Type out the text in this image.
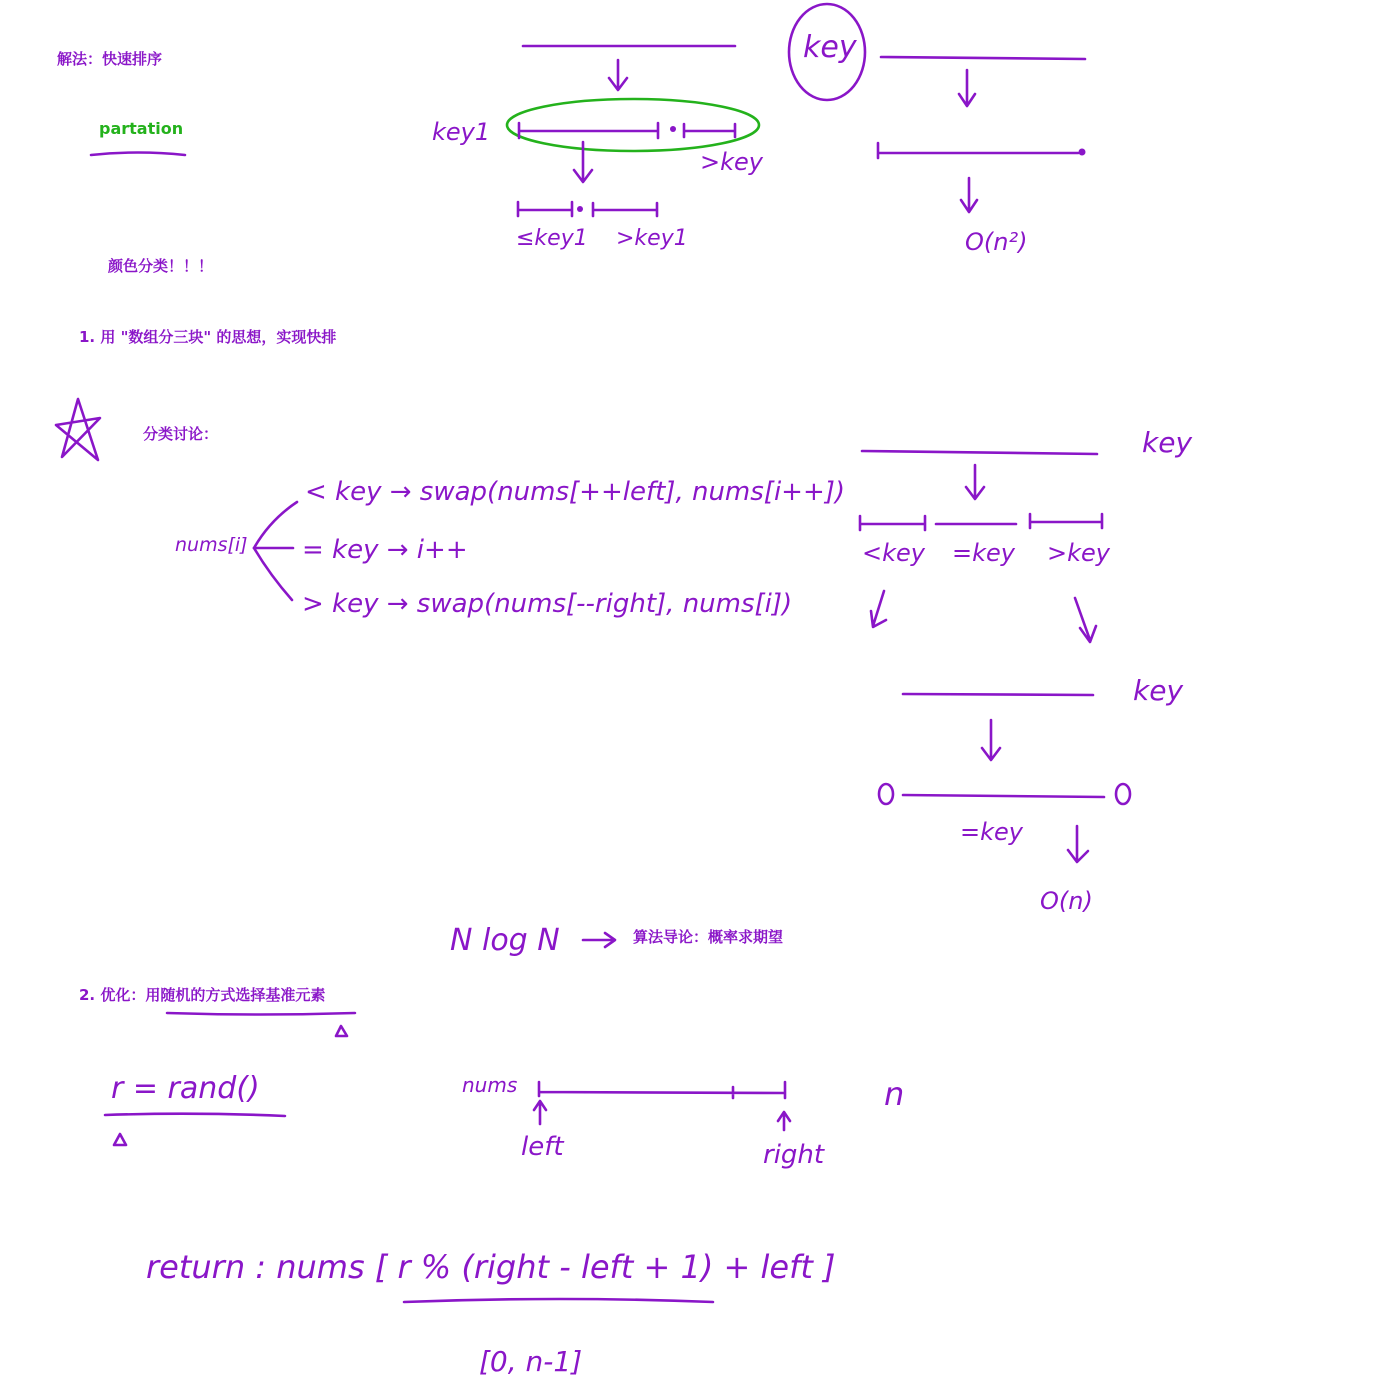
解法：快速排序
partation
颜色分类！！！
1. 用 "数组分三块" 的思想，实现快排
分类讨论：
算法导论：概率求期望
2. 优化：用随机的方式选择基准元素
key1
>key
≤key1 >key1
key
O(n²)
nums[i]
< key → swap(nums[++left], nums[i++])
= key → i++
> key → swap(nums[--right], nums[i])
key
<key =key >key
key
=key
O(n)
N log N
r = rand()	nums
left	right
n
return : nums [ r % (right - left + 1) + left ]
[0, n-1]
